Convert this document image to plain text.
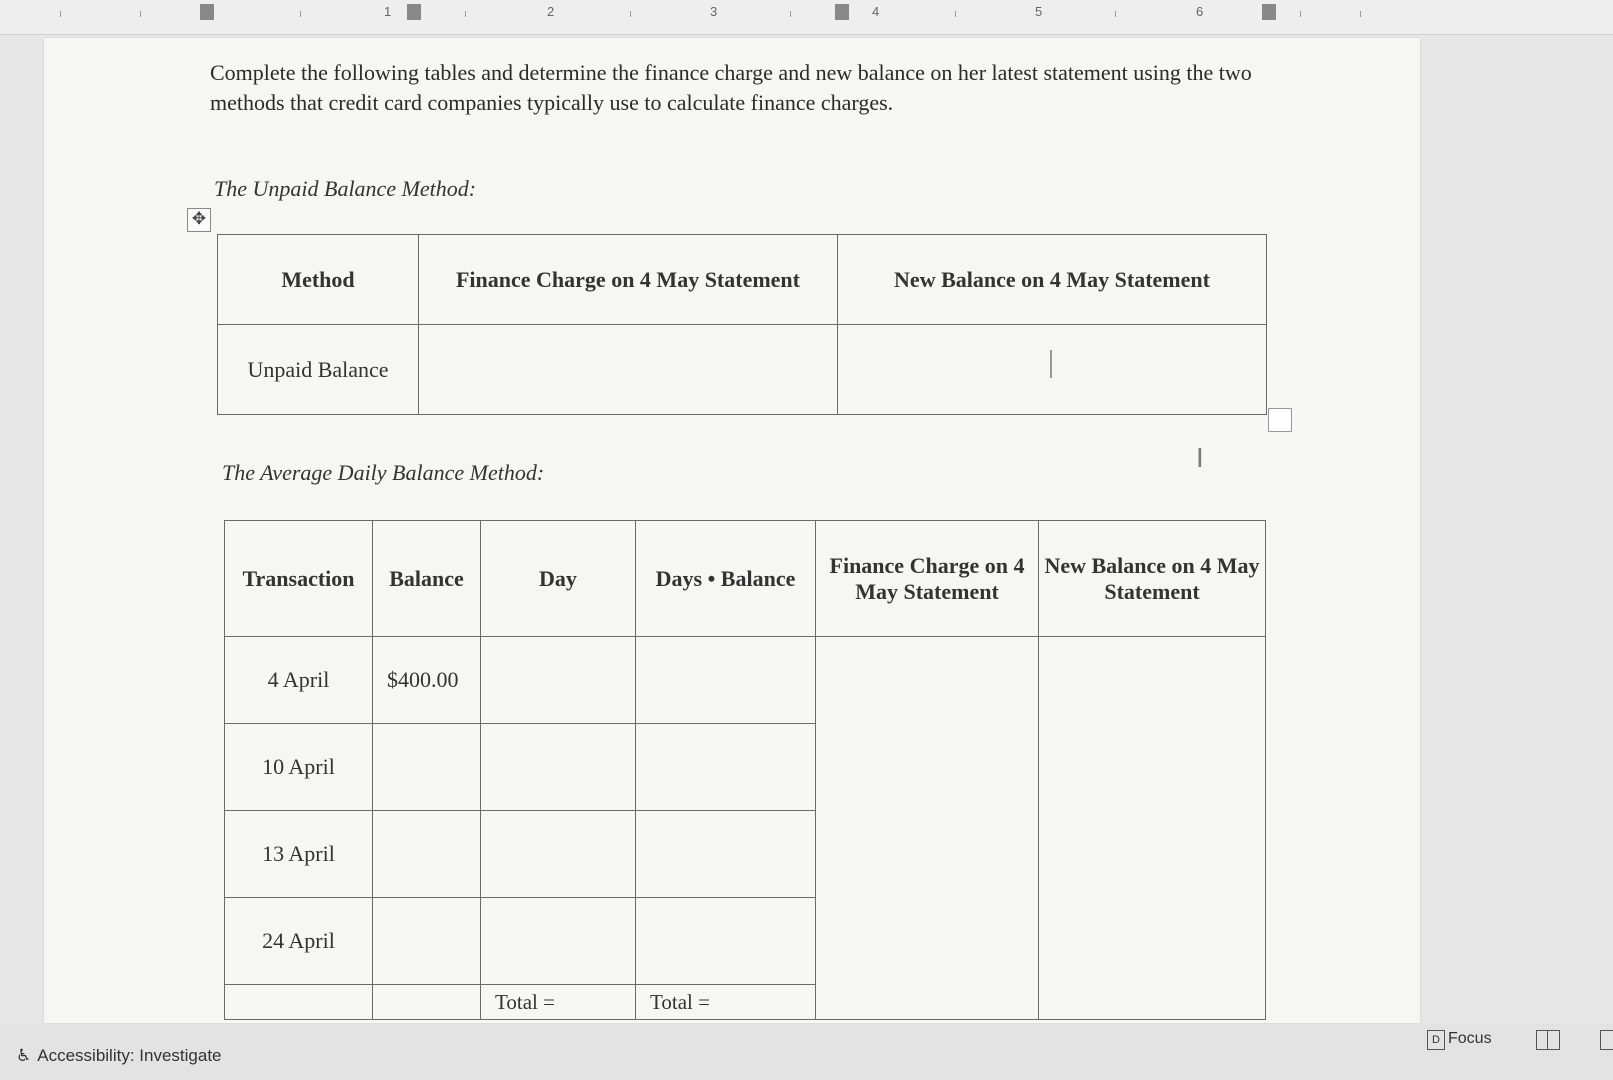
1	2	3	4	5	6
Complete the following tables and determine the finance charge and new balance on her latest statement using the two methods that credit card companies typically use to calculate finance charges.
The Unpaid Balance Method:
✥
Method	Finance Charge on 4 May Statement	New Balance on 4 May Statement
Unpaid Balance		
I
The Average Daily Balance Method:
Transaction	Balance	Day	Days • Balance	Finance Charge on 4 May Statement	New Balance on 4 May Statement
4 April	$400.00				
10 April					
13 April					
24 April					
		Total =	Total =		
♿ Accessibility: Investigate
D Focus
